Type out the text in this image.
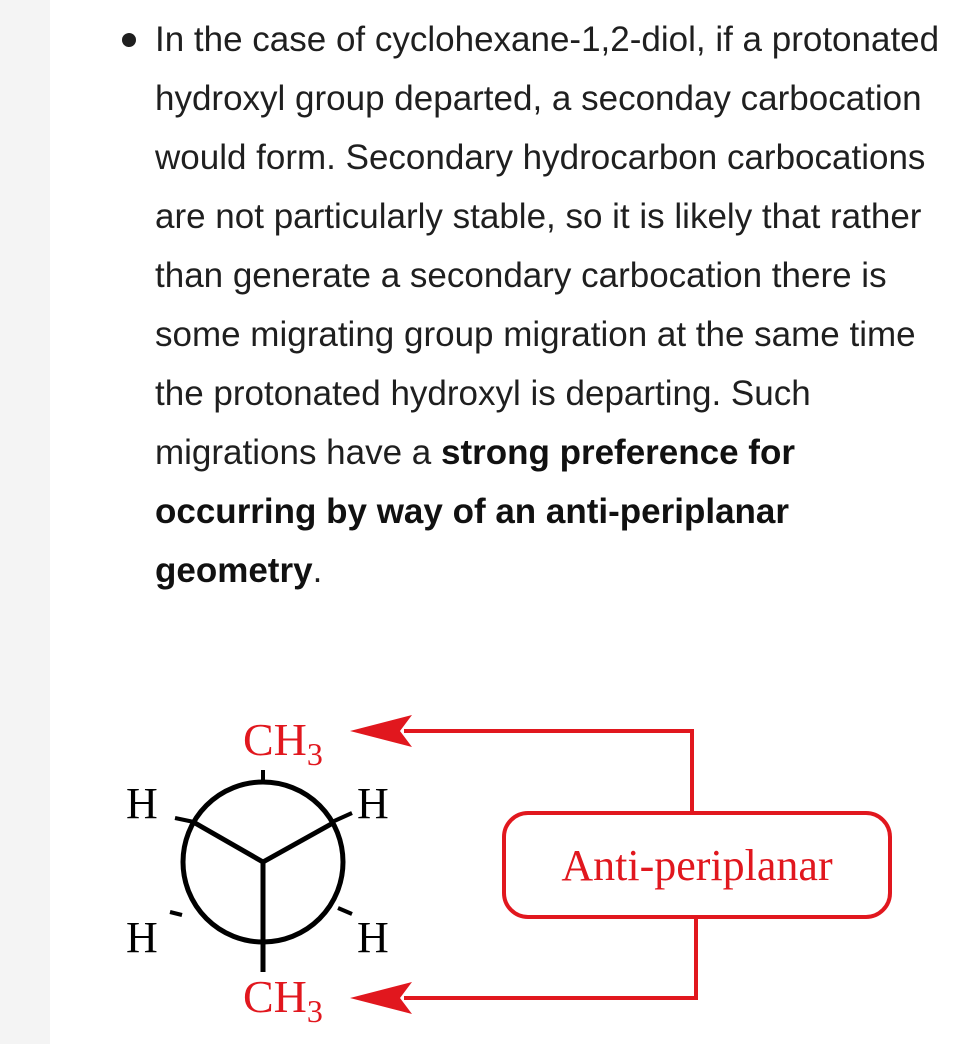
In the case of cyclohexane-1,2-diol, if a protonated hydroxyl group departed, a seconday carbocation would form. Secondary hydrocarbon carbocations are not particularly stable, so it is likely that rather than generate a secondary carbocation there is some migrating group migration at the same time the protonated hydroxyl is departing. Such migrations have a strong preference for occurring by way of an anti-periplanar geometry.
$CH_3$
$CH_3$
H	H
H	H
Anti-periplanar
